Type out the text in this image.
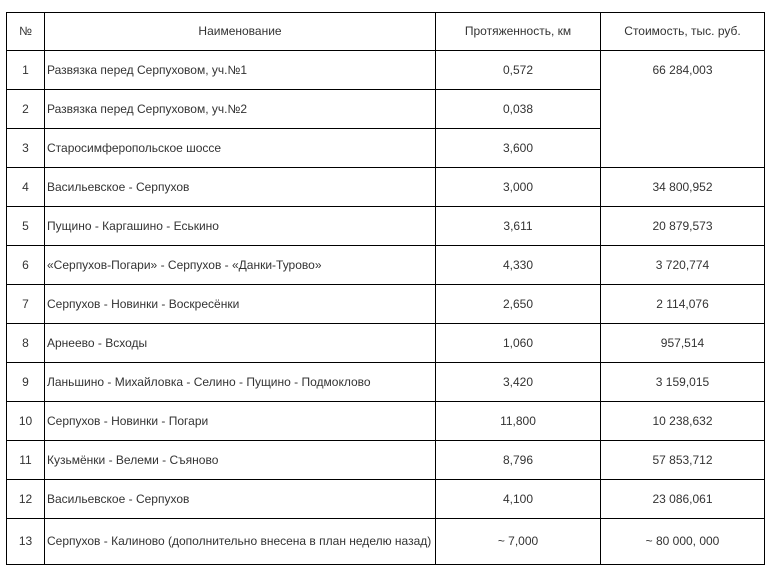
№	Наименование	Протяженность, км	Стоимость, тыс. руб.
1	Развязка перед Серпуховом, уч.№1	0,572	66 284,003
2	Развязка перед Серпуховом, уч.№2	0,038	
3	Старосимферопольское шоссе	3,600	
4	Васильевское - Серпухов	3,000	34 800,952
5	Пущино - Каргашино - Еськино	3,611	20 879,573
6	«Серпухов-Погари» - Серпухов - «Данки-Турово»	4,330	3 720,774
7	Серпухов - Новинки - Воскресёнки	2,650	2 114,076
8	Арнеево - Всходы	1,060	957,514
9	Ланьшино - Михайловка - Селино - Пущино - Подмоклово	3,420	3 159,015
10	Серпухов - Новинки - Погари	11,800	10 238,632
11	Кузьмёнки - Велеми - Съяново	8,796	57 853,712
12	Васильевское - Серпухов	4,100	23 086,061
13	Серпухов - Калиново (дополнительно внесена в план неделю назад)	~ 7,000	~ 80 000, 000
